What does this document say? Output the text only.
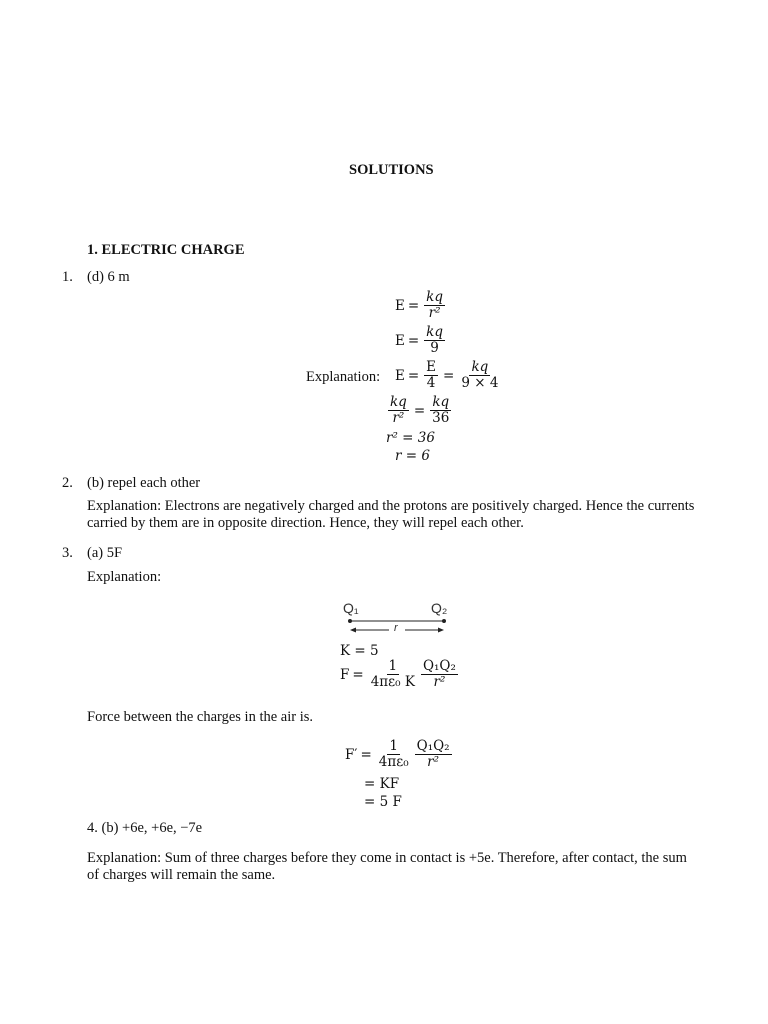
SOLUTIONS
1. ELECTRIC CHARGE
1. (d) 6 m
$E = \frac{kq}{\text{r²}}$
$E = \frac{kq}{9}$
Explanation: $E = \frac{E}{4} = \frac{kq}{9 \times 4}$
$\frac{kq}{\text{r²}} = \frac{kq}{36}$
r² = 36
r = 6
2. (b) repel each other
Explanation: Electrons are negatively charged and the protons are positively charged. Hence the currents carried by them are in opposite direction. Hence, they will repel each other.
3. (a) 5F
Explanation:
Q₁	Q₂
r
K = 5
$F = \frac{1}{\text{4πε₀ K}} \frac{\text{Q₁Q₂}}{\text{r²}}$
Force between the charges in the air is.
$F' = \frac{1}{\text{4πε₀}} \frac{\text{Q₁Q₂}}{\text{r²}}$
= KF
= 5 F
4. (b) +6e, +6e, −7e
Explanation: Sum of three charges before they come in contact is +5e. Therefore, after contact, the sum of charges will remain the same.
